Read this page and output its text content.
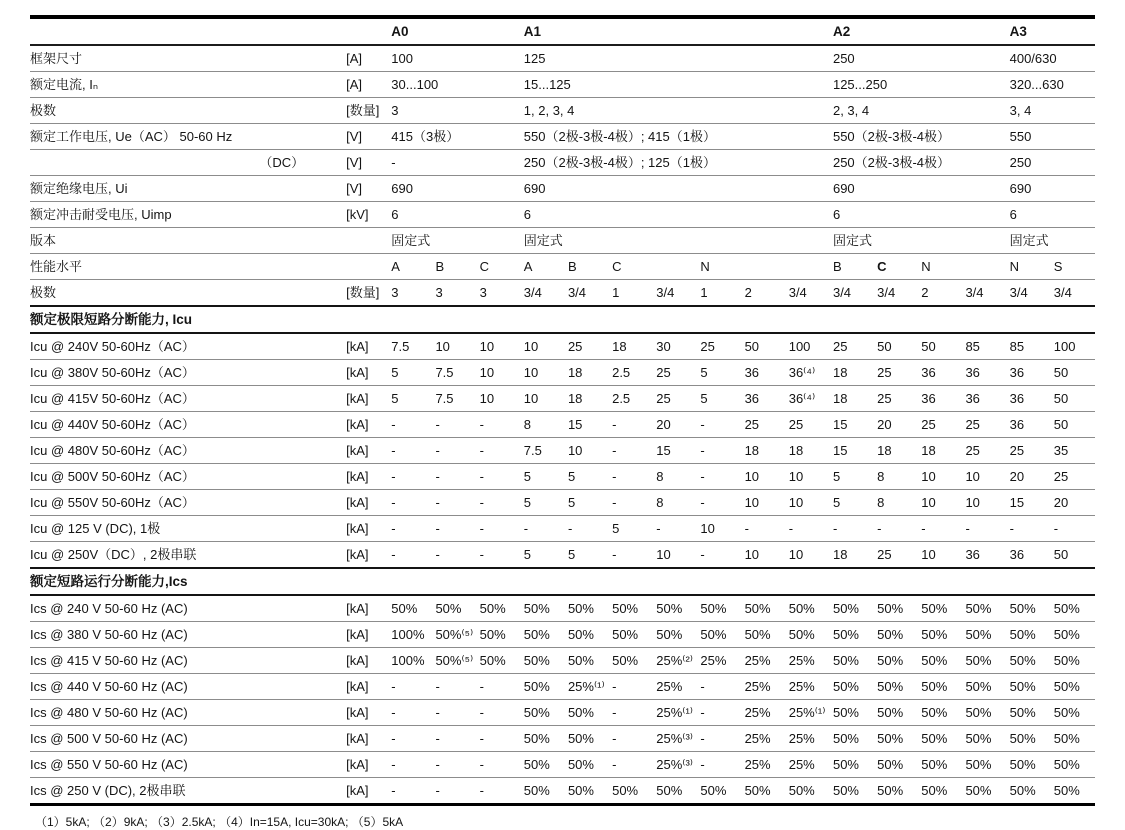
		A0			A1							A2				A3	
框架尺寸	[A]	100			125							250				400/630	
额定电流, Iₙ	[A]	30...100			15...125							125...250				320...630	
极数	[数量]	3			1, 2, 3, 4							2, 3, 4				3, 4	
额定工作电压, Ue（AC） 50-60 Hz	[V]	415（3极）			550（2极-3极-4极）; 415（1极）							550（2极-3极-4极）				550	
（DC）	[V]	-			250（2极-3极-4极）; 125（1极）							250（2极-3极-4极）				250	
额定绝缘电压, Ui	[V]	690			690							690				690	
额定冲击耐受电压, Uimp	[kV]	6			6							6				6	
版本		固定式			固定式							固定式				固定式	
性能水平		A	B	C	A	B	C		N			B	C	N		N	S
极数	[数量]	3	3	3	3/4	3/4	1	3/4	1	2	3/4	3/4	3/4	2	3/4	3/4	3/4
额定极限短路分断能力, Icu																	
Icu @ 240V 50-60Hz（AC）	[kA]	7.5	10	10	10	25	18	30	25	50	100	25	50	50	85	85	100
Icu @ 380V 50-60Hz（AC）	[kA]	5	7.5	10	10	18	2.5	25	5	36	36⁽⁴⁾	18	25	36	36	36	50
Icu @ 415V 50-60Hz（AC）	[kA]	5	7.5	10	10	18	2.5	25	5	36	36⁽⁴⁾	18	25	36	36	36	50
Icu @ 440V 50-60Hz（AC）	[kA]	-	-	-	8	15	-	20	-	25	25	15	20	25	25	36	50
Icu @ 480V 50-60Hz（AC）	[kA]	-	-	-	7.5	10	-	15	-	18	18	15	18	18	25	25	35
Icu @ 500V 50-60Hz（AC）	[kA]	-	-	-	5	5	-	8	-	10	10	5	8	10	10	20	25
Icu @ 550V 50-60Hz（AC）	[kA]	-	-	-	5	5	-	8	-	10	10	5	8	10	10	15	20
Icu @ 125 V (DC), 1极	[kA]	-	-	-	-	-	5	-	10	-	-	-	-	-	-	-	-
Icu @ 250V（DC）, 2极串联	[kA]	-	-	-	5	5	-	10	-	10	10	18	25	10	36	36	50
额定短路运行分断能力,Ics																	
Ics @ 240 V 50-60 Hz (AC)	[kA]	50%	50%	50%	50%	50%	50%	50%	50%	50%	50%	50%	50%	50%	50%	50%	50%
Ics @ 380 V 50-60 Hz (AC)	[kA]	100%	50%⁽⁵⁾	50%	50%	50%	50%	50%	50%	50%	50%	50%	50%	50%	50%	50%	50%
Ics @ 415 V 50-60 Hz (AC)	[kA]	100%	50%⁽⁵⁾	50%	50%	50%	50%	25%⁽²⁾	25%	25%	25%	50%	50%	50%	50%	50%	50%
Ics @ 440 V 50-60 Hz (AC)	[kA]	-	-	-	50%	25%⁽¹⁾	-	25%	-	25%	25%	50%	50%	50%	50%	50%	50%
Ics @ 480 V 50-60 Hz (AC)	[kA]	-	-	-	50%	50%	-	25%⁽¹⁾	-	25%	25%⁽¹⁾	50%	50%	50%	50%	50%	50%
Ics @ 500 V 50-60 Hz (AC)	[kA]	-	-	-	50%	50%	-	25%⁽³⁾	-	25%	25%	50%	50%	50%	50%	50%	50%
Ics @ 550 V 50-60 Hz (AC)	[kA]	-	-	-	50%	50%	-	25%⁽³⁾	-	25%	25%	50%	50%	50%	50%	50%	50%
Ics @ 250 V (DC), 2极串联	[kA]	-	-	-	50%	50%	50%	50%	50%	50%	50%	50%	50%	50%	50%	50%	50%
（1）5kA; （2）9kA; （3）2.5kA; （4）In=15A, Icu=30kA; （5）5kA
